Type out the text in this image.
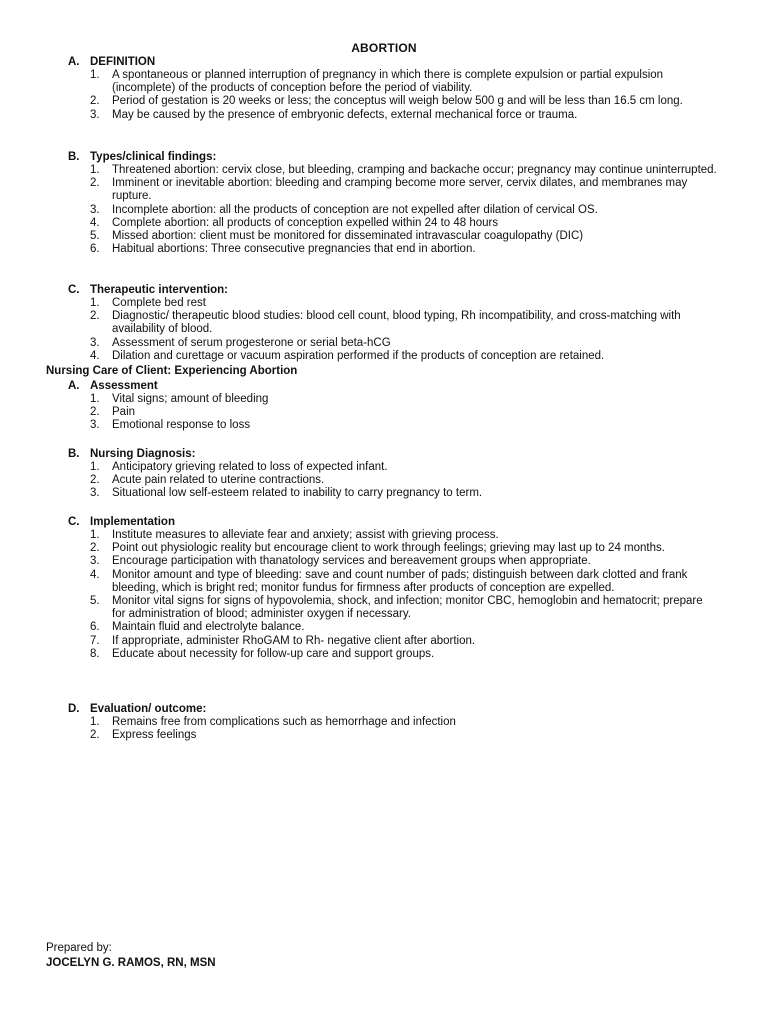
ABORTION
A. DEFINITION
1.	A spontaneous or planned interruption of pregnancy in which there is complete expulsion or partial expulsion (incomplete) of the products of conception before the period of viability.
2.	Period of gestation is 20 weeks or less; the conceptus will weigh below 500 g and will be less than 16.5 cm long.
3.	May be caused by the presence of embryonic defects, external mechanical force or trauma.
B. Types/clinical findings:
1.	Threatened abortion: cervix close, but bleeding, cramping and backache occur; pregnancy may continue uninterrupted.
2.	Imminent or inevitable abortion: bleeding and cramping become more server, cervix dilates, and membranes may rupture.
3.	Incomplete abortion: all the products of conception are not expelled after dilation of cervical OS.
4.	Complete abortion: all products of conception expelled within 24 to 48 hours
5.	Missed abortion: client must be monitored for disseminated intravascular coagulopathy (DIC)
6.	Habitual abortions: Three consecutive pregnancies that end in abortion.
C. Therapeutic intervention:
1.	Complete bed rest
2.	Diagnostic/ therapeutic blood studies: blood cell count, blood typing, Rh incompatibility, and cross-matching with availability of blood.
3.	Assessment of serum progesterone or serial beta-hCG
4.	Dilation and curettage or vacuum aspiration performed if the products of conception are retained.
Nursing Care of Client: Experiencing Abortion
A. Assessment
1.	Vital signs; amount of bleeding
2.	Pain
3.	Emotional response to loss
B. Nursing Diagnosis:
1.	Anticipatory grieving related to loss of expected infant.
2.	Acute pain related to uterine contractions.
3.	Situational low self-esteem related to inability to carry pregnancy to term.
C. Implementation
1.	Institute measures to alleviate fear and anxiety; assist with grieving process.
2.	Point out physiologic reality but encourage client to work through feelings; grieving may last up to 24 months.
3.	Encourage participation with thanatology services and bereavement groups when appropriate.
4.	Monitor amount and type of bleeding: save and count number of pads; distinguish between dark clotted and frank bleeding, which is bright red; monitor fundus for firmness after products of conception are expelled.
5.	Monitor vital signs for signs of hypovolemia, shock, and infection; monitor CBC, hemoglobin and hematocrit; prepare for administration of blood; administer oxygen if necessary.
6.	Maintain fluid and electrolyte balance.
7.	If appropriate, administer RhoGAM to Rh- negative client after abortion.
8.	Educate about necessity for follow-up care and support groups.
D. Evaluation/ outcome:
1.	Remains free from complications such as hemorrhage and infection
2.	Express feelings
Prepared by:
JOCELYN G. RAMOS, RN, MSN
